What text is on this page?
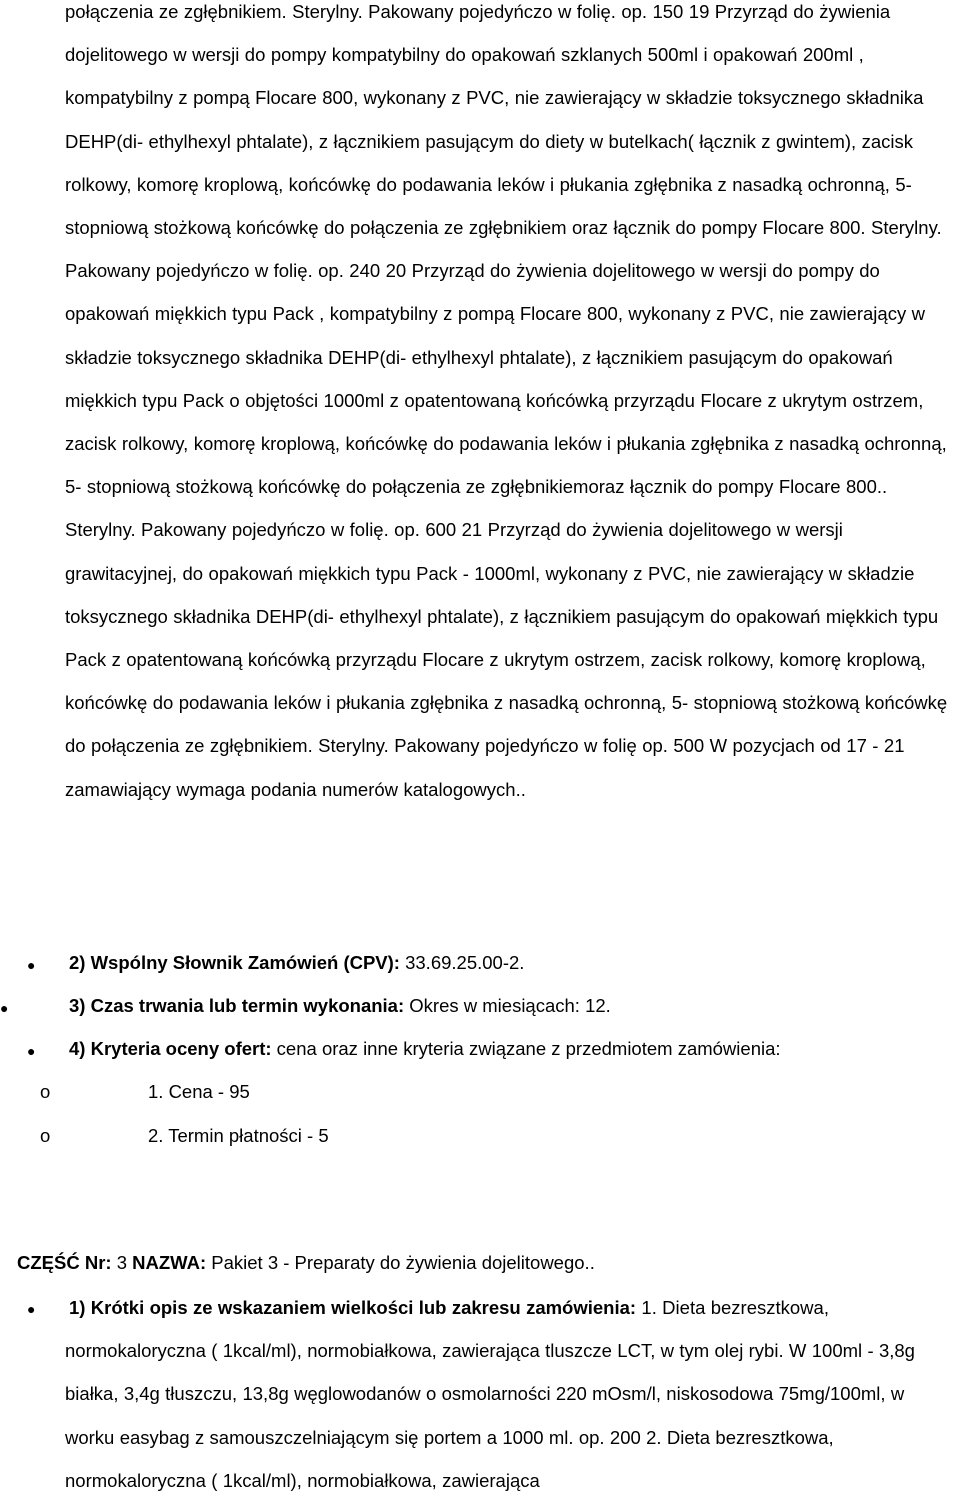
połączenia ze zgłębnikiem. Sterylny. Pakowany pojedyńczo w folię. op. 150 19 Przyrząd do żywienia dojelitowego w wersji do pompy kompatybilny do opakowań szklanych 500ml i opakowań 200ml , kompatybilny z pompą Flocare 800, wykonany z PVC, nie zawierający w składzie toksycznego składnika DEHP(di- ethylhexyl phtalate), z łącznikiem pasującym do diety w butelkach( łącznik z gwintem), zacisk rolkowy, komorę kroplową, końcówkę do podawania leków i płukania zgłębnika z nasadką ochronną, 5- stopniową stożkową końcówkę do połączenia ze zgłębnikiem oraz łącznik do pompy Flocare 800. Sterylny. Pakowany pojedyńczo w folię. op. 240 20 Przyrząd do żywienia dojelitowego w wersji do pompy do opakowań miękkich typu Pack , kompatybilny z pompą Flocare 800, wykonany z PVC, nie zawierający w składzie toksycznego składnika DEHP(di- ethylhexyl phtalate), z łącznikiem pasującym do opakowań miękkich typu Pack o objętości 1000ml z opatentowaną końcówką przyrządu Flocare z ukrytym ostrzem, zacisk rolkowy, komorę kroplową, końcówkę do podawania leków i płukania zgłębnika z nasadką ochronną, 5- stopniową stożkową końcówkę do połączenia ze zgłębnikiemoraz łącznik do pompy Flocare 800.. Sterylny. Pakowany pojedyńczo w folię. op. 600 21 Przyrząd do żywienia dojelitowego w wersji grawitacyjnej, do opakowań miękkich typu Pack - 1000ml, wykonany z PVC, nie zawierający w składzie toksycznego składnika DEHP(di- ethylhexyl phtalate), z łącznikiem pasującym do opakowań miękkich typu Pack z opatentowaną końcówką przyrządu Flocare z ukrytym ostrzem, zacisk rolkowy, komorę kroplową, końcówkę do podawania leków i płukania zgłębnika z nasadką ochronną, 5- stopniową stożkową końcówkę do połączenia ze zgłębnikiem. Sterylny. Pakowany pojedyńczo w folię op. 500 W pozycjach od 17 - 21 zamawiający wymaga podania numerów katalogowych..

● 2) Wspólny Słownik Zamówień (CPV): 33.69.25.00-2.
●	3) Czas trwania lub termin wykonania: Okres w miesiącach: 12.
● 4) Kryteria oceny ofert: cena oraz inne kryteria związane z przedmiotem zamówienia:
o	1. Cena - 95
o	2. Termin płatności - 5
CZĘŚĆ Nr: 3 NAZWA: Pakiet 3 - Preparaty do żywienia dojelitowego..
● 1) Krótki opis ze wskazaniem wielkości lub zakresu zamówienia: 1. Dieta bezresztkowa, normokaloryczna ( 1kcal/ml), normobiałkowa, zawierająca tluszcze LCT, w tym olej rybi. W 100ml - 3,8g białka, 3,4g tłuszczu, 13,8g węglowodanów o osmolarności 220 mOsm/l, niskosodowa 75mg/100ml, w worku easybag z samouszczelniającym się portem a 1000 ml. op. 200 2. Dieta bezresztkowa, normokaloryczna ( 1kcal/ml), normobiałkowa, zawierająca
